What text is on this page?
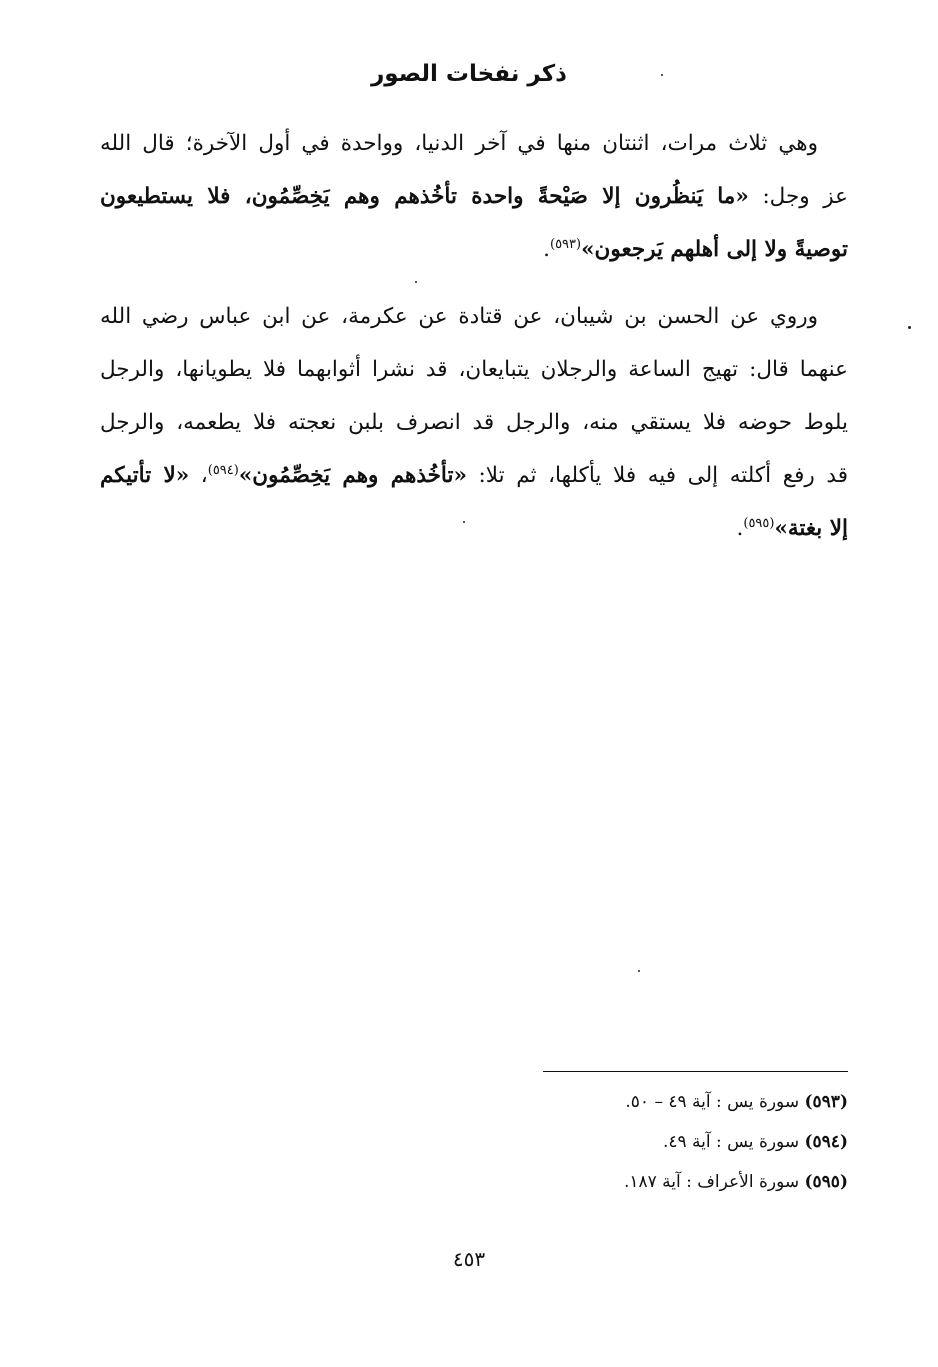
ذكر نفخات الصور
وهي ثلاث مرات، اثنتان منها في آخر الدنيا، وواحدة في أول الآخرة؛ قال الله
عز وجل: «ما يَنظُرون إلا صَيْحةً واحدة تأخُذهم وهم يَخِصِّمُون، فلا يستطيعون
توصيةً ولا إلى أهلهم يَرجعون»$^{(٥٩٣)}$.
وروي عن الحسن بن شيبان، عن قتادة عن عكرمة، عن ابن عباس رضي الله
عنهما قال: تهيج الساعة والرجلان يتبايعان، قد نشرا أثوابهما فلا يطويانها، والرجل
يلوط حوضه فلا يستقي منه، والرجل قد انصرف بلبن نعجته فلا يطعمه، والرجل
قد رفع أكلته إلى فيه فلا يأكلها، ثم تلا: «تأخُذهم وهم يَخِصِّمُون»$^{(٥٩٤)}$، «لا تأتيكم
إلا بغتة»$^{(٥٩٥)}$.
(٥٩٣) سورة يس : آية ٤٩ – ٥٠.
(٥٩٤) سورة يس : آية ٤٩.
(٥٩٥) سورة الأعراف : آية ١٨٧.
٤٥٣
